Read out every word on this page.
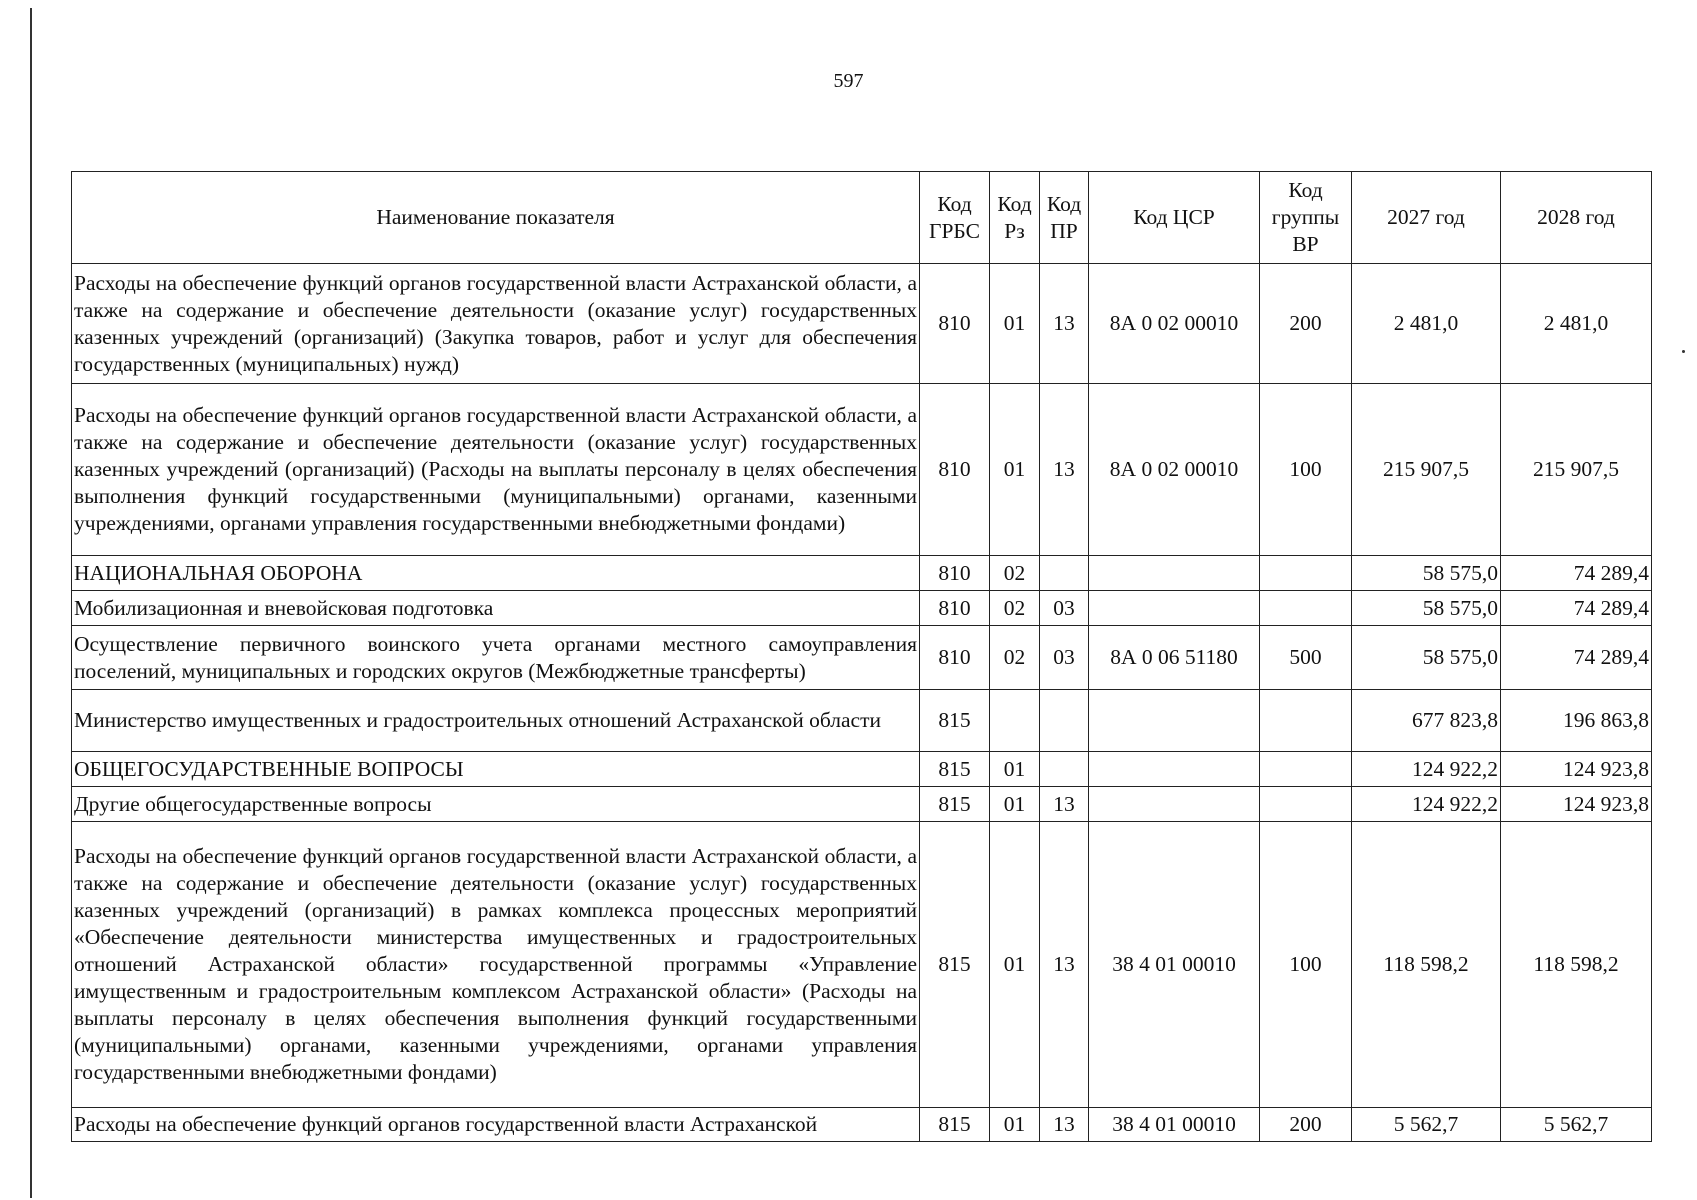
597
Наименование показателя	Код ГРБС	Код Рз	Код ПР	Код ЦСР	Код группы ВР	2027 год	2028 год
Расходы на обеспечение функций органов государственной власти Астраханской области, а также на содержание и обеспечение деятельности (оказание услуг) государственных казенных учреждений (организаций) (Закупка товаров, работ и услуг для обеспечения государственных (муниципальных) нужд)	810	01	13	8А 0 02 00010	200	2 481,0	2 481,0
Расходы на обеспечение функций органов государственной власти Астраханской области, а также на содержание и обеспечение деятельности (оказание услуг) государственных казенных учреждений (организаций) (Расходы на выплаты персоналу в целях обеспечения выполнения функций государственными (муниципальными) органами, казенными учреждениями, органами управления государственными внебюджетными фондами)	810	01	13	8А 0 02 00010	100	215 907,5	215 907,5
НАЦИОНАЛЬНАЯ ОБОРОНА	810	02				58 575,0	74 289,4
Мобилизационная и вневойсковая подготовка	810	02	03			58 575,0	74 289,4
Осуществление первичного воинского учета органами местного самоуправления поселений, муниципальных и городских округов (Межбюджетные трансферты)	810	02	03	8А 0 06 51180	500	58 575,0	74 289,4
Министерство имущественных и градостроительных отношений Астраханской области	815					677 823,8	196 863,8
ОБЩЕГОСУДАРСТВЕННЫЕ ВОПРОСЫ	815	01				124 922,2	124 923,8
Другие общегосударственные вопросы	815	01	13			124 922,2	124 923,8
Расходы на обеспечение функций органов государственной власти Астраханской области, а также на содержание и обеспечение деятельности (оказание услуг) государственных казенных учреждений (организаций) в рамках комплекса процессных мероприятий «Обеспечение деятельности министерства имущественных и градостроительных отношений Астраханской области» государственной программы «Управление имущественным и градостроительным комплексом Астраханской области» (Расходы на выплаты персоналу в целях обеспечения выполнения функций государственными (муниципальными) органами, казенными учреждениями, органами управления государственными внебюджетными фондами)	815	01	13	38 4 01 00010	100	118 598,2	118 598,2
Расходы на обеспечение функций органов государственной власти Астраханской	815	01	13	38 4 01 00010	200	5 562,7	5 562,7
